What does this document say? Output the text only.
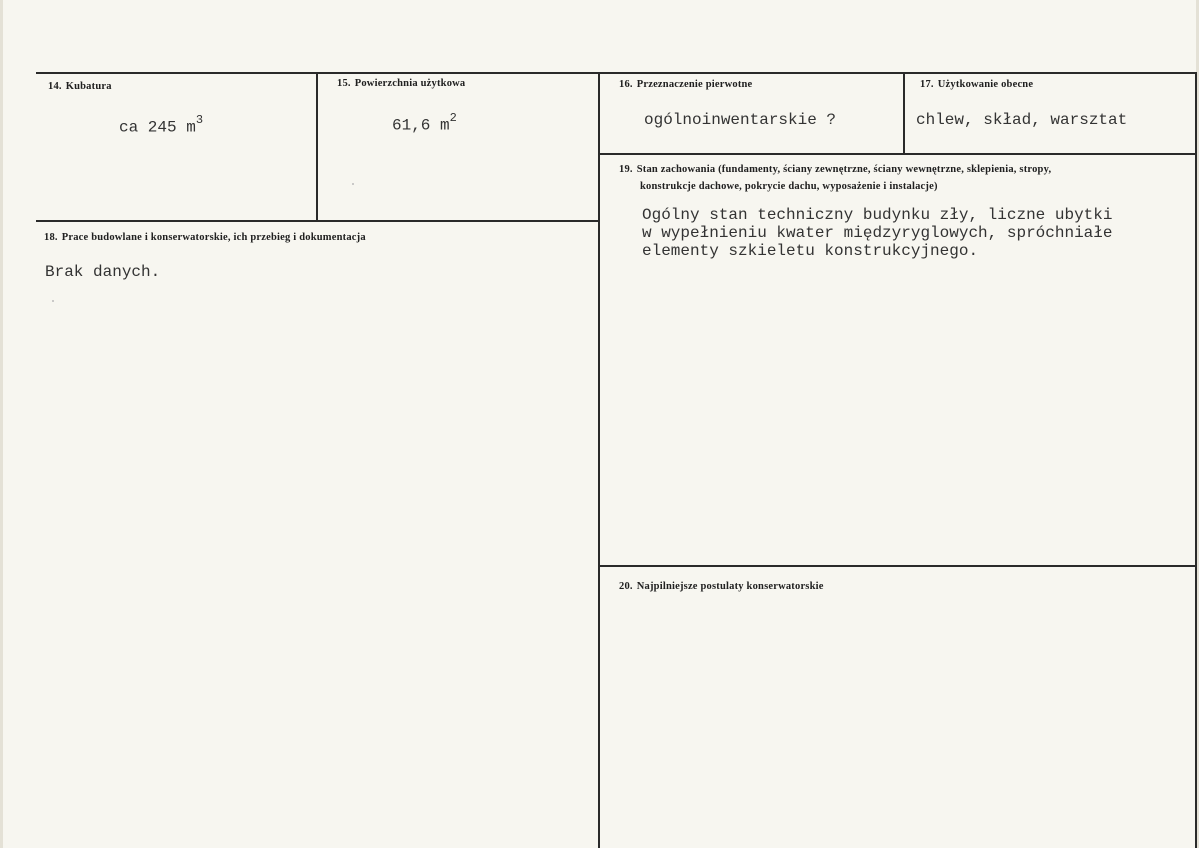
14. Kubatura
ca 245 $m^3$
15. Powierzchnia użytkowa
61,6 $m^2$
16. Przeznaczenie pierwotne
ogólnoinwentarskie ?
17. Użytkowanie obecne
chlew, skład, warsztat
18. Prace budowlane i konserwatorskie, ich przebieg i dokumentacja
Brak danych.
19. Stan zachowania (fundamenty, ściany zewnętrzne, ściany wewnętrzne, sklepienia, stropy,
konstrukcje dachowe, pokrycie dachu, wyposażenie i instalacje)
Ogólny stan techniczny budynku zły, liczne ubytki
w wypełnieniu kwater międzyryglowych, spróchniałe
elementy szkieletu konstrukcyjnego.
20. Najpilniejsze postulaty konserwatorskie
